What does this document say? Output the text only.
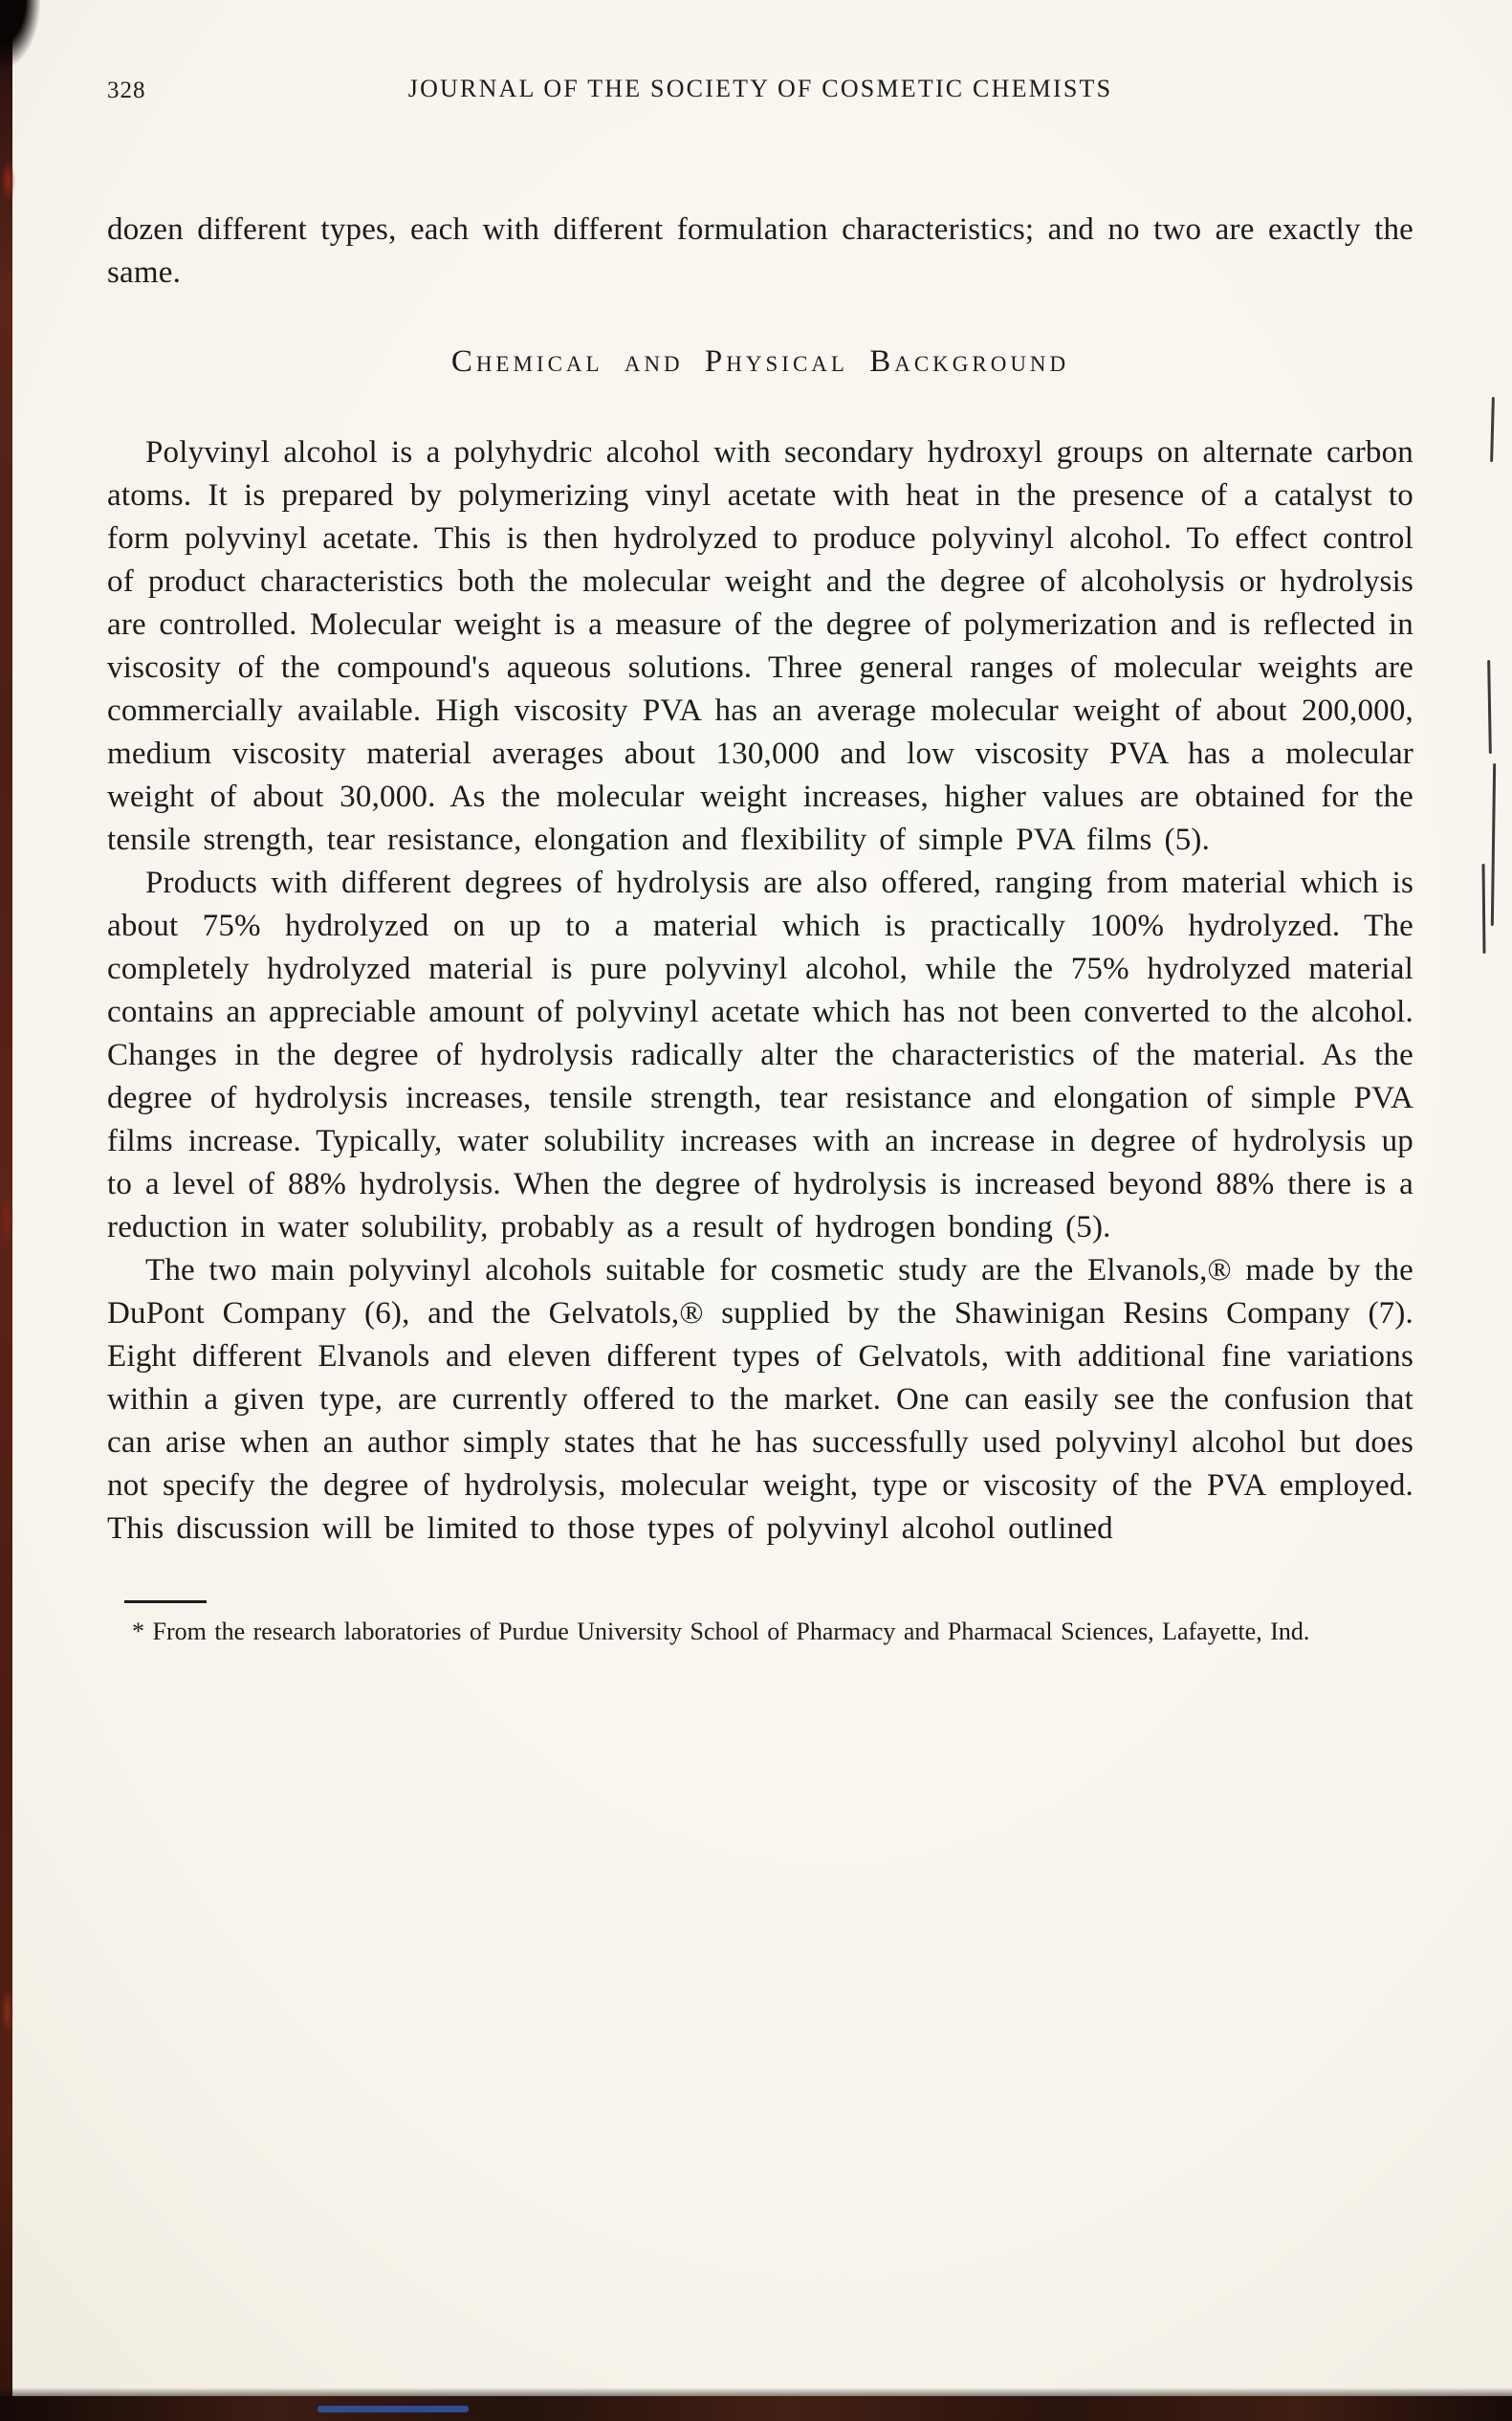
328	JOURNAL OF THE SOCIETY OF COSMETIC CHEMISTS

dozen different types, each with different formulation characteristics; and no two are exactly the same.

Chemical and Physical Background

Polyvinyl alcohol is a polyhydric alcohol with secondary hydroxyl groups on alternate carbon atoms. It is prepared by polymerizing vinyl acetate with heat in the presence of a catalyst to form polyvinyl acetate. This is then hydrolyzed to produce polyvinyl alcohol. To effect control of product characteristics both the molecular weight and the degree of alcoholysis or hydrolysis are controlled. Molecular weight is a measure of the degree of polymerization and is reflected in viscosity of the compound's aqueous solutions. Three general ranges of molecular weights are commercially available. High viscosity PVA has an average molecular weight of about 200,000, medium viscosity material averages about 130,000 and low viscosity PVA has a molecular weight of about 30,000. As the molecular weight increases, higher values are obtained for the tensile strength, tear resistance, elongation and flexibility of simple PVA films (5).

Products with different degrees of hydrolysis are also offered, ranging from material which is about 75% hydrolyzed on up to a material which is practically 100% hydrolyzed. The completely hydrolyzed material is pure polyvinyl alcohol, while the 75% hydrolyzed material contains an appreciable amount of polyvinyl acetate which has not been converted to the alcohol. Changes in the degree of hydrolysis radically alter the characteristics of the material. As the degree of hydrolysis increases, tensile strength, tear resistance and elongation of simple PVA films increase. Typically, water solubility increases with an increase in degree of hydrolysis up to a level of 88% hydrolysis. When the degree of hydrolysis is increased beyond 88% there is a reduction in water solubility, probably as a result of hydrogen bonding (5).

The two main polyvinyl alcohols suitable for cosmetic study are the Elvanols,® made by the DuPont Company (6), and the Gelvatols,® supplied by the Shawinigan Resins Company (7). Eight different Elvanols and eleven different types of Gelvatols, with additional fine variations within a given type, are currently offered to the market. One can easily see the confusion that can arise when an author simply states that he has successfully used polyvinyl alcohol but does not specify the degree of hydrolysis, molecular weight, type or viscosity of the PVA employed. This discussion will be limited to those types of polyvinyl alcohol outlined

* From the research laboratories of Purdue University School of Pharmacy and Pharmacal Sciences, Lafayette, Ind.
